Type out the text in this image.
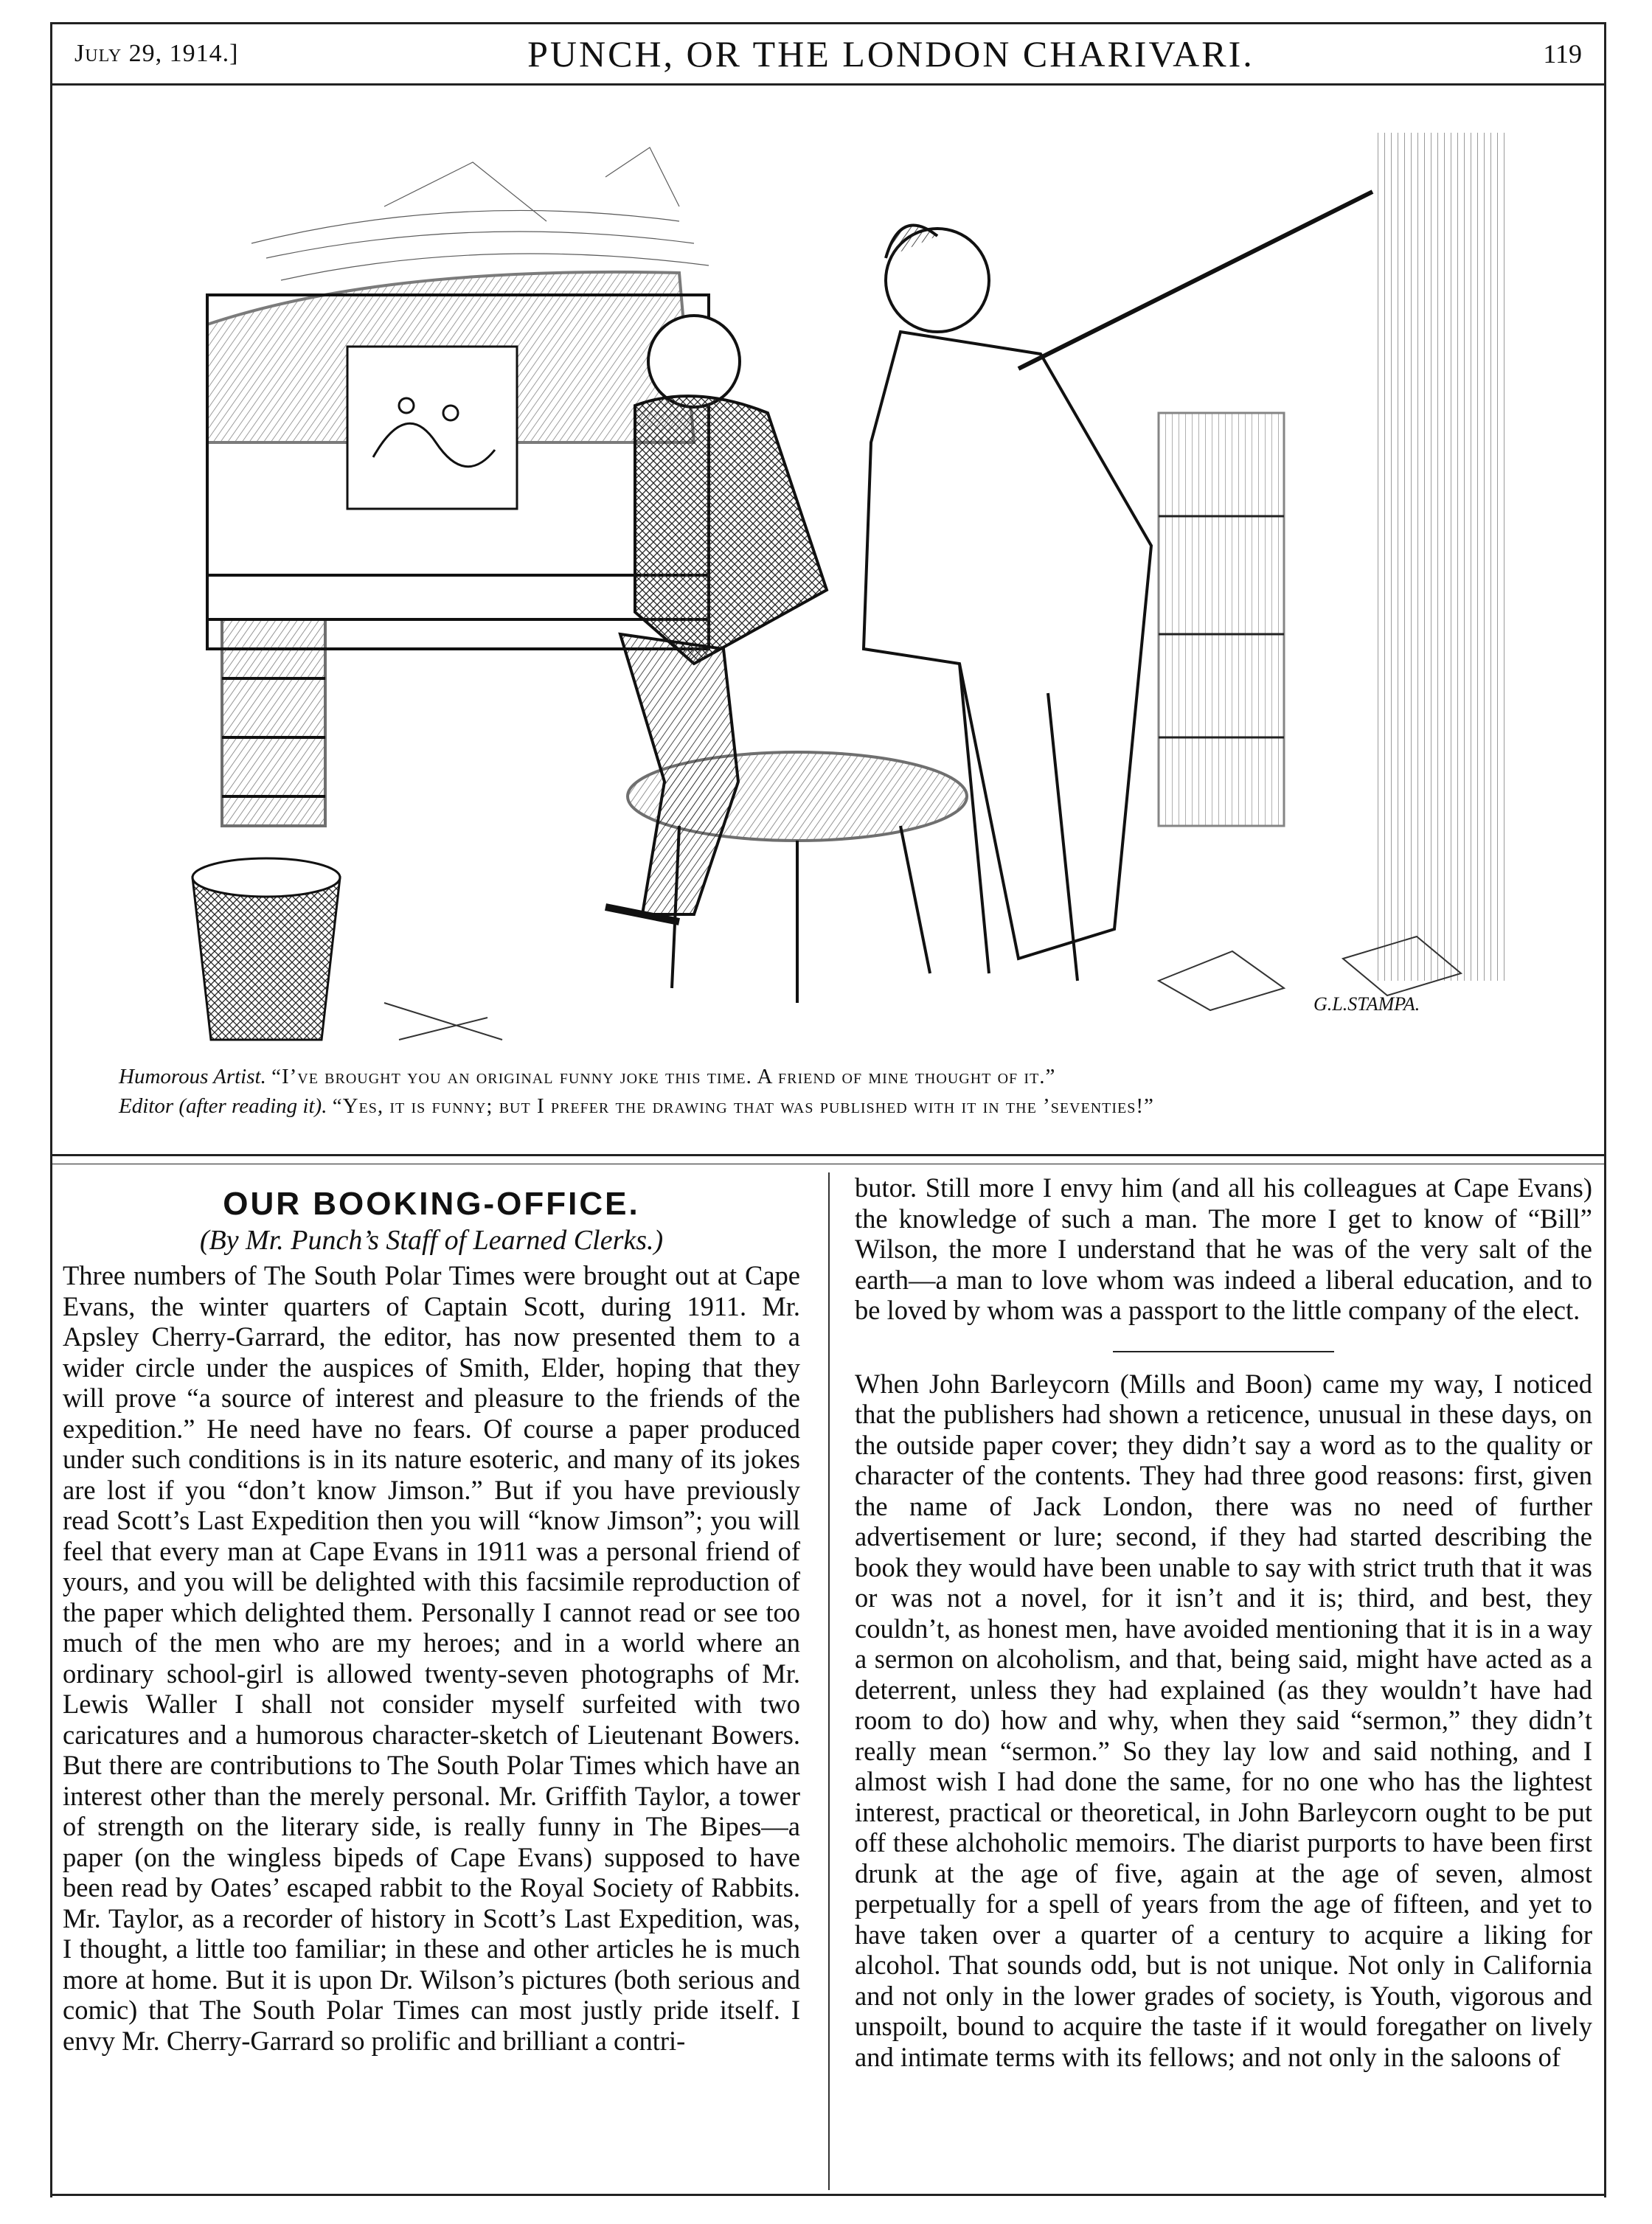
July 29, 1914.]	PUNCH, OR THE LONDON CHARIVARI.	119
G.L.STAMPA.
Humorous Artist. “I’ve brought you an original funny joke this time. A friend of mine thought of it.”
Editor (after reading it). “Yes, it is funny; but I prefer the drawing that was published with it in the ’seventies!”
OUR BOOKING-OFFICE.
(By Mr. Punch’s Staff of Learned Clerks.)
Three numbers of The South Polar Times were brought out at Cape Evans, the winter quarters of Captain Scott, during 1911. Mr. Apsley Cherry-Garrard, the editor, has now presented them to a wider circle under the auspices of Smith, Elder, hoping that they will prove “a source of interest and pleasure to the friends of the expedition.” He need have no fears. Of course a paper produced under such conditions is in its nature esoteric, and many of its jokes are lost if you “don’t know Jimson.” But if you have previously read Scott’s Last Expedition then you will “know Jimson”; you will feel that every man at Cape Evans in 1911 was a personal friend of yours, and you will be delighted with this facsimile reproduction of the paper which delighted them. Personally I cannot read or see too much of the men who are my heroes; and in a world where an ordinary school-girl is allowed twenty-seven photographs of Mr. Lewis Waller I shall not consider myself surfeited with two caricatures and a humorous character-sketch of Lieutenant Bowers. But there are contributions to The South Polar Times which have an interest other than the merely personal. Mr. Griffith Taylor, a tower of strength on the literary side, is really funny in The Bipes—a paper (on the wingless bipeds of Cape Evans) supposed to have been read by Oates’ escaped rabbit to the Royal Society of Rabbits. Mr. Taylor, as a recorder of history in Scott’s Last Expedition, was, I thought, a little too familiar; in these and other articles he is much more at home. But it is upon Dr. Wilson’s pictures (both serious and comic) that The South Polar Times can most justly pride itself. I envy Mr. Cherry-Garrard so prolific and brilliant a contri-
butor. Still more I envy him (and all his colleagues at Cape Evans) the knowledge of such a man. The more I get to know of “Bill” Wilson, the more I understand that he was of the very salt of the earth—a man to love whom was indeed a liberal education, and to be loved by whom was a passport to the little company of the elect.
When John Barleycorn (Mills and Boon) came my way, I noticed that the publishers had shown a reticence, unusual in these days, on the outside paper cover; they didn’t say a word as to the quality or character of the contents. They had three good reasons: first, given the name of Jack London, there was no need of further advertisement or lure; second, if they had started describing the book they would have been unable to say with strict truth that it was or was not a novel, for it isn’t and it is; third, and best, they couldn’t, as honest men, have avoided mentioning that it is in a way a sermon on alcoholism, and that, being said, might have acted as a deterrent, unless they had explained (as they wouldn’t have had room to do) how and why, when they said “sermon,” they didn’t really mean “sermon.” So they lay low and said nothing, and I almost wish I had done the same, for no one who has the lightest interest, practical or theoretical, in John Barleycorn ought to be put off these alchoholic memoirs. The diarist purports to have been first drunk at the age of five, again at the age of seven, almost perpetually for a spell of years from the age of fifteen, and yet to have taken over a quarter of a century to acquire a liking for alcohol. That sounds odd, but is not unique. Not only in California and not only in the lower grades of society, is Youth, vigorous and unspoilt, bound to acquire the taste if it would foregather on lively and intimate terms with its fellows; and not only in the saloons of
